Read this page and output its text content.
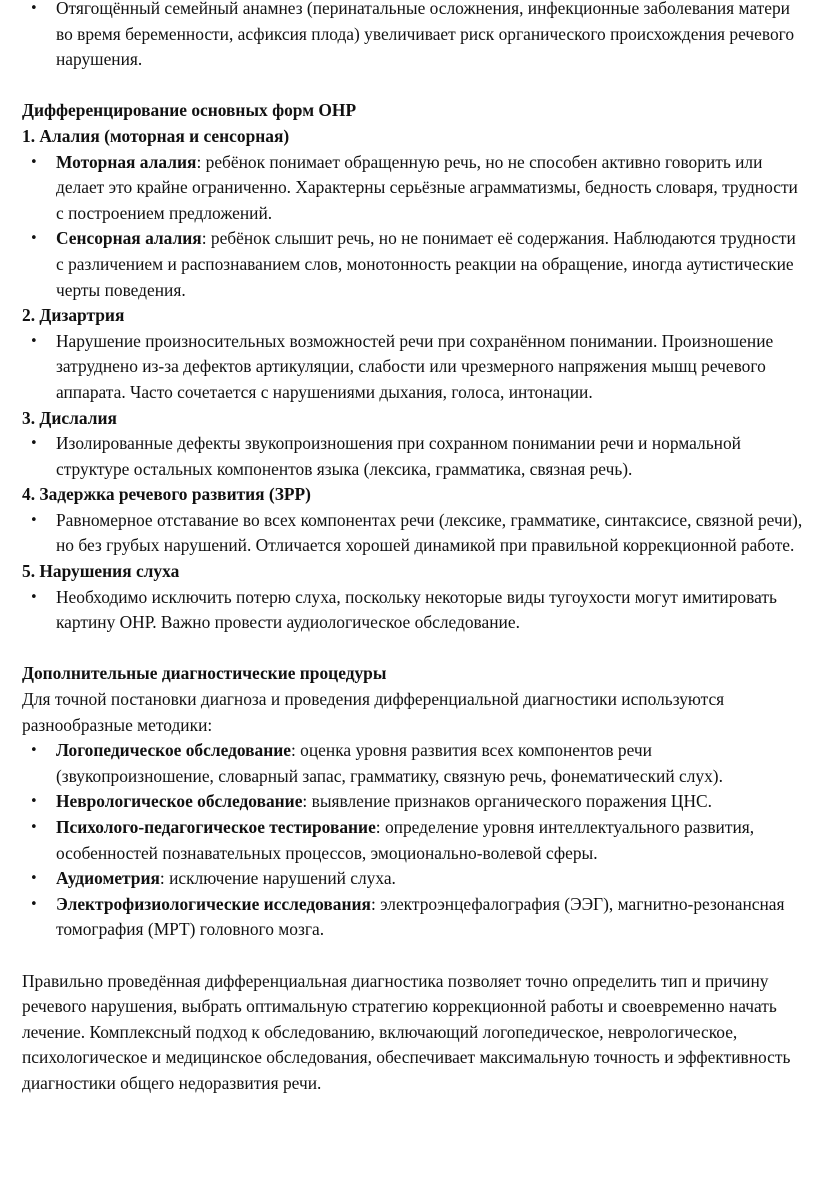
• Отягощённый семейный анамнез (перинатальные осложнения, инфекционные заболевания матери во время беременности, асфиксия плода) увеличивает риск органического происхождения речевого нарушения.

Дифференцирование основных форм ОНР

1. Алалия (моторная и сенсорная)

• Моторная алалия: ребёнок понимает обращенную речь, но не способен активно говорить или делает это крайне ограниченно. Характерны серьёзные аграмматизмы, бедность словаря, трудности с построением предложений.
• Сенсорная алалия: ребёнок слышит речь, но не понимает её содержания. Наблюдаются трудности с различением и распознаванием слов, монотонность реакции на обращение, иногда аутистические черты поведения.

2. Дизартрия

• Нарушение произносительных возможностей речи при сохранённом понимании. Произношение затруднено из-за дефектов артикуляции, слабости или чрезмерного напряжения мышц речевого аппарата. Часто сочетается с нарушениями дыхания, голоса, интонации.

3. Дислалия

• Изолированные дефекты звукопроизношения при сохранном понимании речи и нормальной структуре остальных компонентов языка (лексика, грамматика, связная речь).

4. Задержка речевого развития (ЗРР)

• Равномерное отставание во всех компонентах речи (лексике, грамматике, синтаксисе, связной речи), но без грубых нарушений. Отличается хорошей динамикой при правильной коррекционной работе.

5. Нарушения слуха

• Необходимо исключить потерю слуха, поскольку некоторые виды тугоухости могут имитировать картину ОНР. Важно провести аудиологическое обследование.

Дополнительные диагностические процедуры

Для точной постановки диагноза и проведения дифференциальной диагностики используются разнообразные методики:

• Логопедическое обследование: оценка уровня развития всех компонентов речи (звукопроизношение, словарный запас, грамматику, связную речь, фонематический слух).
• Неврологическое обследование: выявление признаков органического поражения ЦНС.
• Психолого-педагогическое тестирование: определение уровня интеллектуального развития, особенностей познавательных процессов, эмоционально-волевой сферы.
• Аудиометрия: исключение нарушений слуха.
• Электрофизиологические исследования: электроэнцефалография (ЭЭГ), магнитно-резонансная томография (МРТ) головного мозга.

Правильно проведённая дифференциальная диагностика позволяет точно определить тип и причину речевого нарушения, выбрать оптимальную стратегию коррекционной работы и своевременно начать лечение. Комплексный подход к обследованию, включающий логопедическое, неврологическое, психологическое и медицинское обследования, обеспечивает максимальную точность и эффективность диагностики общего недоразвития речи.
